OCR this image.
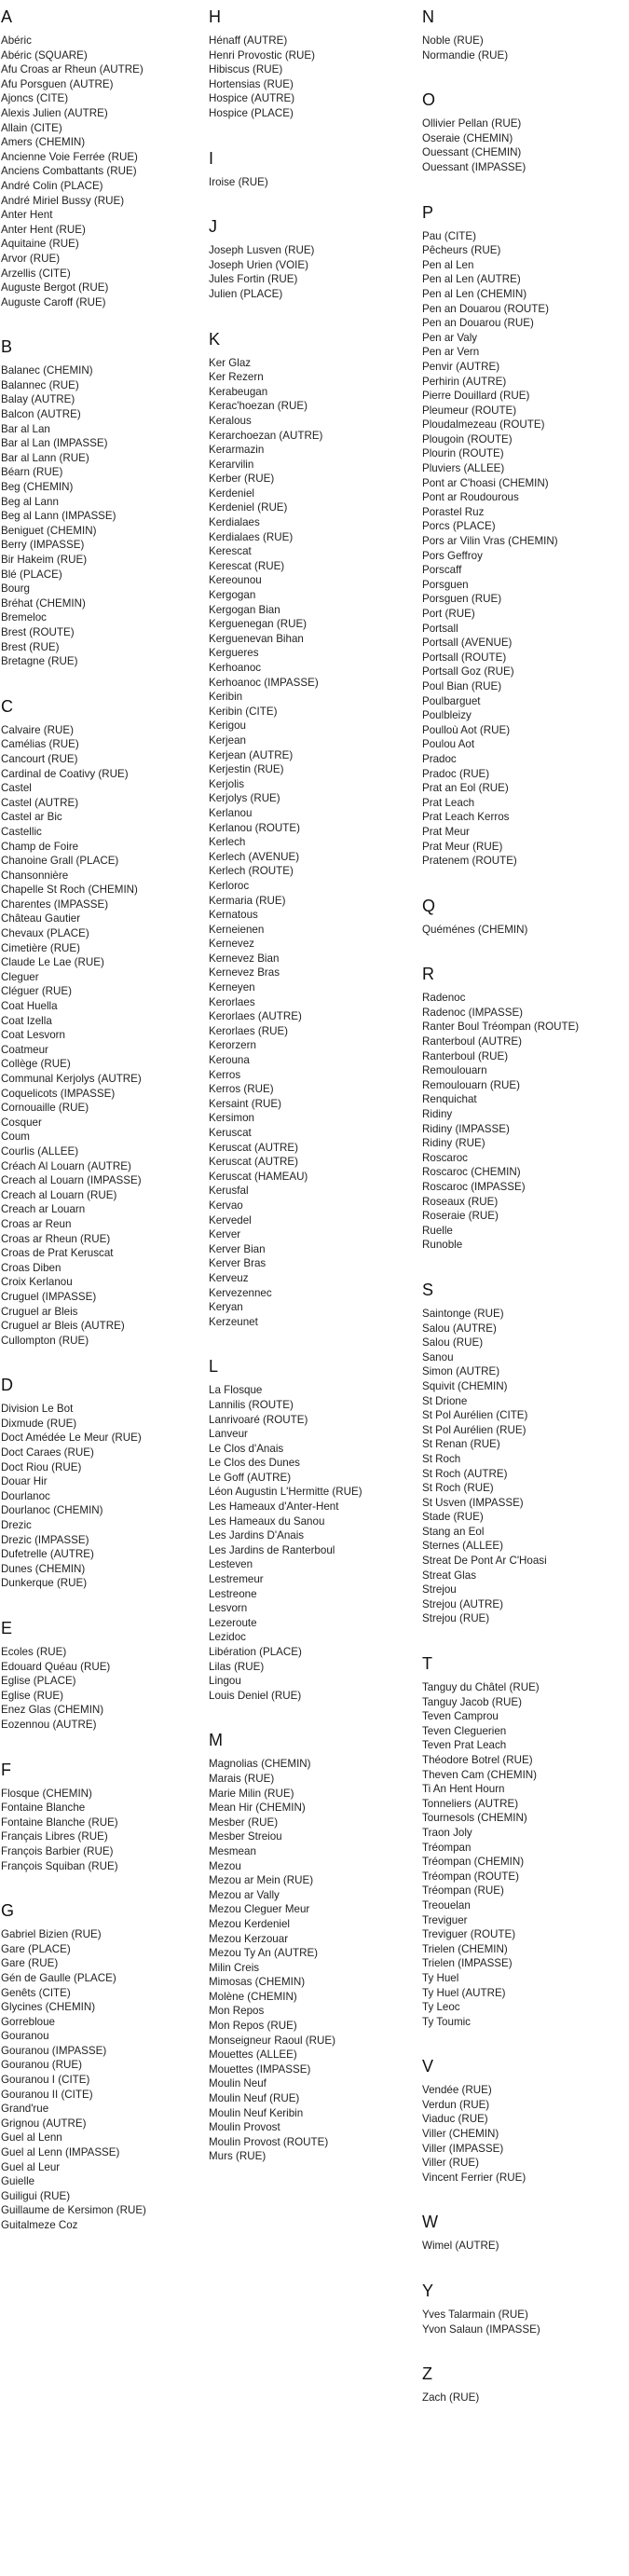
A
Abéric
Abéric (SQUARE)
Afu Croas ar Rheun (AUTRE)
Afu Porsguen (AUTRE)
Ajoncs (CITE)
Alexis Julien (AUTRE)
Allain (CITE)
Amers (CHEMIN)
Ancienne Voie Ferrée (RUE)
Anciens Combattants (RUE)
André Colin (PLACE)
André Miriel Bussy (RUE)
Anter Hent
Anter Hent (RUE)
Aquitaine (RUE)
Arvor (RUE)
Arzellis (CITE)
Auguste Bergot (RUE)
Auguste Caroff (RUE)
B
Balanec (CHEMIN)
Balannec (RUE)
Balay (AUTRE)
Balcon (AUTRE)
Bar al Lan
Bar al Lan (IMPASSE)
Bar al Lann (RUE)
Béarn (RUE)
Beg (CHEMIN)
Beg al Lann
Beg al Lann (IMPASSE)
Beniguet (CHEMIN)
Berry (IMPASSE)
Bir Hakeim (RUE)
Blé (PLACE)
Bourg
Bréhat (CHEMIN)
Bremeloc
Brest (ROUTE)
Brest (RUE)
Bretagne (RUE)
C
Calvaire (RUE)
Camélias (RUE)
Cancourt (RUE)
Cardinal de Coativy (RUE)
Castel
Castel (AUTRE)
Castel ar Bic
Castellic
Champ de Foire
Chanoine Grall (PLACE)
Chansonnière
Chapelle St Roch (CHEMIN)
Charentes (IMPASSE)
Château Gautier
Chevaux (PLACE)
Cimetière (RUE)
Claude Le Lae (RUE)
Cleguer
Cléguer (RUE)
Coat Huella
Coat Izella
Coat Lesvorn
Coatmeur
Collège (RUE)
Communal Kerjolys (AUTRE)
Coquelicots (IMPASSE)
Cornouaille (RUE)
Cosquer
Coum
Courlis (ALLEE)
Créach Al Louarn (AUTRE)
Creach al Louarn (IMPASSE)
Creach al Louarn (RUE)
Creach ar Louarn
Croas ar Reun
Croas ar Rheun (RUE)
Croas de Prat Keruscat
Croas Diben
Croix Kerlanou
Cruguel (IMPASSE)
Cruguel ar Bleis
Cruguel ar Bleis (AUTRE)
Cullompton (RUE)
D
Division Le Bot
Dixmude (RUE)
Doct Amédée Le Meur (RUE)
Doct Caraes (RUE)
Doct Riou (RUE)
Douar Hir
Dourlanoc
Dourlanoc (CHEMIN)
Drezic
Drezic (IMPASSE)
Dufetrelle (AUTRE)
Dunes (CHEMIN)
Dunkerque (RUE)
E
Ecoles (RUE)
Edouard Quéau (RUE)
Eglise (PLACE)
Eglise (RUE)
Enez Glas (CHEMIN)
Eozennou (AUTRE)
F
Flosque (CHEMIN)
Fontaine Blanche
Fontaine Blanche (RUE)
Français Libres (RUE)
François Barbier (RUE)
François Squiban (RUE)
G
Gabriel Bizien (RUE)
Gare (PLACE)
Gare (RUE)
Gén de Gaulle (PLACE)
Genêts (CITE)
Glycines (CHEMIN)
Gorrebloue
Gouranou
Gouranou (IMPASSE)
Gouranou (RUE)
Gouranou I (CITE)
Gouranou II (CITE)
Grand'rue
Grignou (AUTRE)
Guel al Lenn
Guel al Lenn (IMPASSE)
Guel al Leur
Guielle
Guiligui (RUE)
Guillaume de Kersimon (RUE)
Guitalmeze Coz
H
Hénaff (AUTRE)
Henri Provostic (RUE)
Hibiscus (RUE)
Hortensias (RUE)
Hospice (AUTRE)
Hospice (PLACE)
I
Iroise (RUE)
J
Joseph Lusven (RUE)
Joseph Urien (VOIE)
Jules Fortin (RUE)
Julien (PLACE)
K
Ker Glaz
Ker Rezern
Kerabeugan
Kerac'hoezan (RUE)
Keralous
Kerarchoezan (AUTRE)
Kerarmazin
Kerarvilin
Kerber (RUE)
Kerdeniel
Kerdeniel (RUE)
Kerdialaes
Kerdialaes (RUE)
Kerescat
Kerescat (RUE)
Kereounou
Kergogan
Kergogan Bian
Kerguenegan (RUE)
Kerguenevan Bihan
Kergueres
Kerhoanoc
Kerhoanoc (IMPASSE)
Keribin
Keribin (CITE)
Kerigou
Kerjean
Kerjean (AUTRE)
Kerjestin (RUE)
Kerjolis
Kerjolys (RUE)
Kerlanou
Kerlanou (ROUTE)
Kerlech
Kerlech (AVENUE)
Kerlech (ROUTE)
Kerloroc
Kermaria (RUE)
Kernatous
Kerneienen
Kernevez
Kernevez Bian
Kernevez Bras
Kerneyen
Kerorlaes
Kerorlaes (AUTRE)
Kerorlaes (RUE)
Kerorzern
Kerouna
Kerros
Kerros (RUE)
Kersaint (RUE)
Kersimon
Keruscat
Keruscat (AUTRE)
Keruscat (AUTRE)
Keruscat (HAMEAU)
Kerusfal
Kervao
Kervedel
Kerver
Kerver Bian
Kerver Bras
Kerveuz
Kervezennec
Keryan
Kerzeunet
L
La Flosque
Lannilis (ROUTE)
Lanrivoaré (ROUTE)
Lanveur
Le Clos d'Anais
Le Clos des Dunes
Le Goff (AUTRE)
Léon Augustin L'Hermitte (RUE)
Les Hameaux d'Anter-Hent
Les Hameaux du Sanou
Les Jardins D'Anais
Les Jardins de Ranterboul
Lesteven
Lestremeur
Lestreone
Lesvorn
Lezeroute
Lezidoc
Libération (PLACE)
Lilas (RUE)
Lingou
Louis Deniel (RUE)
M
Magnolias (CHEMIN)
Marais (RUE)
Marie Milin (RUE)
Mean Hir (CHEMIN)
Mesber (RUE)
Mesber Streiou
Mesmean
Mezou
Mezou ar Mein (RUE)
Mezou ar Vally
Mezou Cleguer Meur
Mezou Kerdeniel
Mezou Kerzouar
Mezou Ty An (AUTRE)
Milin Creis
Mimosas (CHEMIN)
Molène (CHEMIN)
Mon Repos
Mon Repos (RUE)
Monseigneur Raoul (RUE)
Mouettes (ALLEE)
Mouettes (IMPASSE)
Moulin Neuf
Moulin Neuf (RUE)
Moulin Neuf Keribin
Moulin Provost
Moulin Provost (ROUTE)
Murs (RUE)
N
Noble (RUE)
Normandie (RUE)
O
Ollivier Pellan (RUE)
Oseraie (CHEMIN)
Ouessant (CHEMIN)
Ouessant (IMPASSE)
P
Pau (CITE)
Pêcheurs (RUE)
Pen al Len
Pen al Len (AUTRE)
Pen al Len (CHEMIN)
Pen an Douarou (ROUTE)
Pen an Douarou (RUE)
Pen ar Valy
Pen ar Vern
Penvir (AUTRE)
Perhirin (AUTRE)
Pierre Douillard (RUE)
Pleumeur (ROUTE)
Ploudalmezeau (ROUTE)
Plougoin (ROUTE)
Plourin (ROUTE)
Pluviers (ALLEE)
Pont ar C'hoasi (CHEMIN)
Pont ar Roudourous
Porastel Ruz
Porcs (PLACE)
Pors ar Vilin Vras (CHEMIN)
Pors Geffroy
Porscaff
Porsguen
Porsguen (RUE)
Port (RUE)
Portsall
Portsall (AVENUE)
Portsall (ROUTE)
Portsall Goz (RUE)
Poul Bian (RUE)
Poulbarguet
Poulbleizy
Poulloù Aot (RUE)
Poulou Aot
Pradoc
Pradoc (RUE)
Prat an Eol (RUE)
Prat Leach
Prat Leach Kerros
Prat Meur
Prat Meur (RUE)
Pratenem (ROUTE)
Q
Quéménes (CHEMIN)
R
Radenoc
Radenoc (IMPASSE)
Ranter Boul Tréompan (ROUTE)
Ranterboul (AUTRE)
Ranterboul (RUE)
Remoulouarn
Remoulouarn (RUE)
Renquichat
Ridiny
Ridiny (IMPASSE)
Ridiny (RUE)
Roscaroc
Roscaroc (CHEMIN)
Roscaroc (IMPASSE)
Roseaux (RUE)
Roseraie (RUE)
Ruelle
Runoble
S
Saintonge (RUE)
Salou (AUTRE)
Salou (RUE)
Sanou
Simon (AUTRE)
Squivit (CHEMIN)
St Drione
St Pol Aurélien (CITE)
St Pol Aurélien (RUE)
St Renan (RUE)
St Roch
St Roch (AUTRE)
St Roch (RUE)
St Usven (IMPASSE)
Stade (RUE)
Stang an Eol
Sternes (ALLEE)
Streat De Pont Ar C'Hoasi
Streat Glas
Strejou
Strejou (AUTRE)
Strejou (RUE)
T
Tanguy du Châtel (RUE)
Tanguy Jacob (RUE)
Teven Camprou
Teven Cleguerien
Teven Prat Leach
Théodore Botrel (RUE)
Theven Cam (CHEMIN)
Ti An Hent Hourn
Tonneliers (AUTRE)
Tournesols (CHEMIN)
Traon Joly
Tréompan
Tréompan (CHEMIN)
Tréompan (ROUTE)
Tréompan (RUE)
Treouelan
Treviguer
Treviguer (ROUTE)
Trielen (CHEMIN)
Trielen (IMPASSE)
Ty Huel
Ty Huel (AUTRE)
Ty Leoc
Ty Toumic
V
Vendée (RUE)
Verdun (RUE)
Viaduc (RUE)
Viller (CHEMIN)
Viller (IMPASSE)
Viller (RUE)
Vincent Ferrier (RUE)
W
Wimel (AUTRE)
Y
Yves Talarmain (RUE)
Yvon Salaun (IMPASSE)
Z
Zach (RUE)
